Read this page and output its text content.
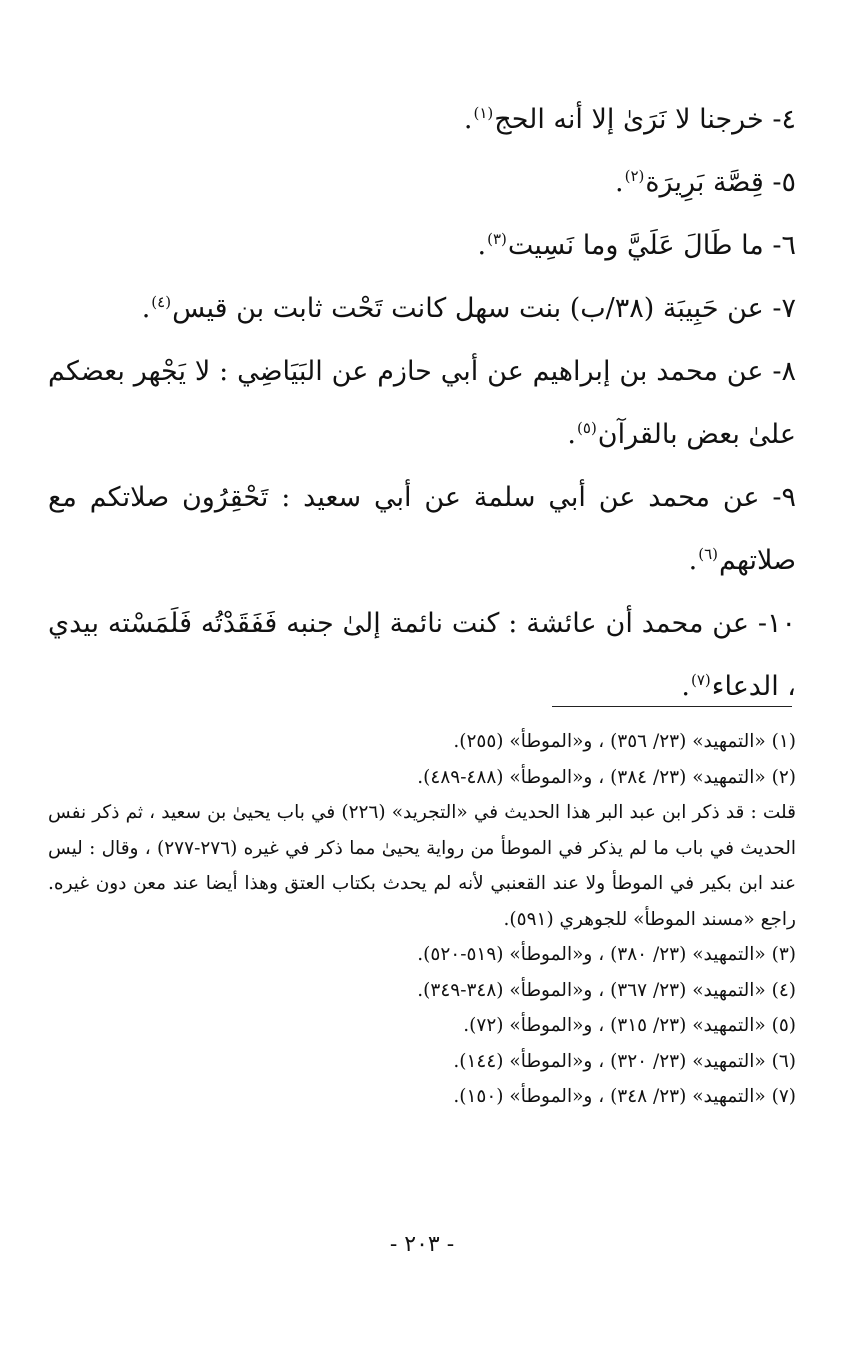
٤- خرجنا لا نَرَىٰ إلا أنه الحج$^{(١)}$.

٥- قِصَّة بَرِيرَة$^{(٢)}$.

٦- ما طَالَ عَلَيَّ وما نَسِيت$^{(٣)}$.

٧- عن حَبِيبَة (٣٨/ب) بنت سهل كانت تَحْت ثابت بن قيس$^{(٤)}$.

٨- عن محمد بن إبراهيم عن أبي حازم عن البَيَاضِي : لا يَجْهر بعضكم علىٰ بعض بالقرآن$^{(٥)}$.

٩- عن محمد عن أبي سلمة عن أبي سعيد : تَحْقِرُون صلاتكم مع صلاتهم$^{(٦)}$.

١٠- عن محمد أن عائشة : كنت نائمة إلىٰ جنبه فَفَقَدْتُه فَلَمَسْته بيدي ، الدعاء$^{(٧)}$.

(١) «التمهيد» (٢٣/ ٣٥٦) ، و«الموطأ» (٢٥٥).

(٢) «التمهيد» (٢٣/ ٣٨٤) ، و«الموطأ» (٤٨٨-٤٨٩).

قلت : قد ذكر ابن عبد البر هذا الحديث في «التجريد» (٢٢٦) في باب يحيىٰ بن سعيد ، ثم ذكر نفس الحديث في باب ما لم يذكر في الموطأ من رواية يحيىٰ مما ذكر في غيره (٢٧٦-٢٧٧) ، وقال : ليس عند ابن بكير في الموطأ ولا عند القعنبي لأنه لم يحدث بكتاب العتق وهذا أيضا عند معن دون غيره. راجع «مسند الموطأ» للجوهري (٥٩١).

(٣) «التمهيد» (٢٣/ ٣٨٠) ، و«الموطأ» (٥١٩-٥٢٠).

(٤) «التمهيد» (٢٣/ ٣٦٧) ، و«الموطأ» (٣٤٨-٣٤٩).

(٥) «التمهيد» (٢٣/ ٣١٥) ، و«الموطأ» (٧٢).

(٦) «التمهيد» (٢٣/ ٣٢٠) ، و«الموطأ» (١٤٤).

(٧) «التمهيد» (٢٣/ ٣٤٨) ، و«الموطأ» (١٥٠).

- ٢٠٣ -
